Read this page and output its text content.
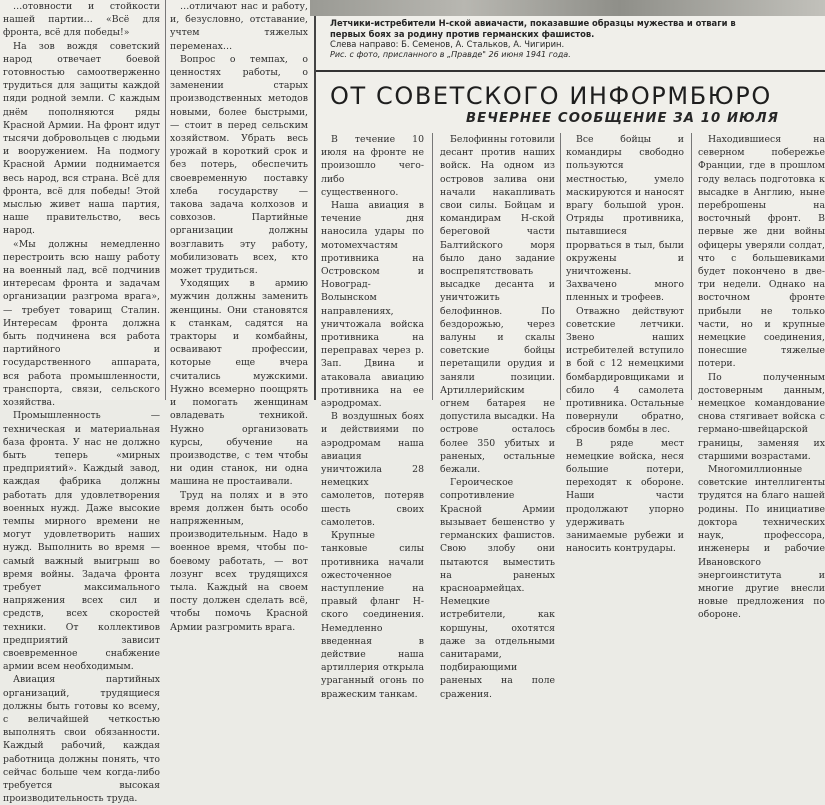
…отовности и стойкости нашей партии… «Всё для фронта, всё для победы!»

На зов вождя советский народ отвечает боевой готовностью самоотверженно трудиться для защиты каждой пяди родной земли. С каждым днём пополняются ряды Красной Армии. На фронт идут тысячи добровольцев с людьми и вооружением. На подмогу Красной Армии поднимается весь народ, вся страна. Всё для фронта, всё для победы! Этой мыслью живет наша партия, наше правительство, весь народ.

«Мы должны немедленно перестроить всю нашу работу на военный лад, всё подчинив интересам фронта и задачам организации разгрома врага», — требует товарищ Сталин. Интересам фронта должна быть подчинена вся работа партийного и государственного аппарата, вся работа промышленности, транспорта, связи, сельского хозяйства.

Промышленность — техническая и материальная база фронта. У нас не должно быть теперь «мирных предприятий». Каждый завод, каждая фабрика должны работать для удовлетворения военных нужд. Даже высокие темпы мирного времени не могут удовлетворить наших нужд. Выполнить во время — самый важный выигрыш во время войны. Задача фронта требует максимального напряжения всех сил и средств, всех скоростей техники. От коллективов предприятий зависит своевременное снабжение армии всем необходимым.

Авиация партийных организаций, трудящиеся должны быть готовы ко всему, с величайшей четкостью выполнять свои обязанности. Каждый рабочий, каждая работница должны понять, что сейчас больше чем когда-либо требуется высокая производительность труда.

…отличают нас и работу, и, безусловно, отставание, учтем тяжелых переменах…

Вопрос о темпах, о ценностях работы, о заменении старых производственных методов новыми, более быстрыми, — стоит в перед сельским хозяйством. Убрать весь урожай в короткий срок и без потерь, обеспечить своевременную поставку хлеба государству — такова задача колхозов и совхозов. Партийные организации должны возглавить эту работу, мобилизовать всех, кто может трудиться.

Уходящих в армию мужчин должны заменить женщины. Они становятся к станкам, садятся на тракторы и комбайны, осваивают профессии, которые еще вчера считались мужскими. Нужно всемерно поощрять и помогать женщинам овладевать техникой. Нужно организовать курсы, обучение на производстве, с тем чтобы ни один станок, ни одна машина не простаивали.

Труд на полях и в это время должен быть особо напряженным, производительным. Надо в военное время, чтобы по-боевому работать, — вот лозунг всех трудящихся тыла. Каждый на своем посту должен сделать всё, чтобы помочь Красной Армии разгромить врага.

Летчики-истребители Н-ской авиачасти, показавшие образцы мужества и отваги в первых боях за родину против германских фашистов.
Слева направо: Б. Семенов, А. Стальков, А. Чигирин.
Рис. с фото, присланного в „Правде" 26 июня 1941 года.
ОТ СОВЕТСКОГО ИНФОРМБЮРО
ВЕЧЕРНЕЕ СООБЩЕНИЕ ЗА 10 ИЮЛЯ

В течение 10 июля на фронте не произошло чего-либо существенного.

Наша авиация в течение дня наносила удары по мотомехчастям противника на Островском и Новоград-Волынском направлениях, уничтожала войска противника на переправах через р. Зап. Двина и атаковала авиацию противника на ее аэродромах.

В воздушных боях и действиями по аэродромам наша авиация уничтожила 28 немецких самолетов, потеряв шесть своих самолетов.

Крупные танковые силы противника начали ожесточенное наступление на правый фланг Н-ского соединения. Немедленно введенная в действие наша артиллерия открыла ураганный огонь по вражеским танкам.

Белофинны готовили десант против наших войск. На одном из островов залива они начали накапливать свои силы. Бойцам и командирам Н-ской береговой части Балтийского моря было дано задание воспрепятствовать высадке десанта и уничтожить белофиннов. По бездорожью, через валуны и скалы советские бойцы перетащили орудия и заняли позиции. Артиллерийским огнем батарея не допустила высадки. На острове осталось более 350 убитых и раненых, остальные бежали.

Героическое сопротивление Красной Армии вызывает бешенство у германских фашистов. Свою злобу они пытаются выместить на раненых красноармейцах. Немецкие истребители, как коршуны, охотятся даже за отдельными санитарами, подбирающими раненых на поле сражения.

Все бойцы и командиры свободно пользуются местностью, умело маскируются и наносят врагу большой урон. Отряды противника, пытавшиеся прорваться в тыл, были окружены и уничтожены. Захвачено много пленных и трофеев.

Отважно действуют советские летчики. Звено наших истребителей вступило в бой с 12 немецкими бомбардировщиками и сбило 4 самолета противника. Остальные повернули обратно, сбросив бомбы в лес.

В ряде мест немецкие войска, неся большие потери, переходят к обороне. Наши части продолжают упорно удерживать занимаемые рубежи и наносить контрудары.

Находившиеся на северном побережье Франции, где в прошлом году велась подготовка к высадке в Англию, ныне переброшены на восточный фронт. В первые же дни войны офицеры уверяли солдат, что с большевиками будет покончено в две-три недели. Однако на восточном фронте прибыли не только части, но и крупные немецкие соединения, понесшие тяжелые потери.

По полученным достоверным данным, немецкое командование снова стягивает войска с германо-швейцарской границы, заменяя их старшими возрастами.

Многомиллионные советские интеллигенты трудятся на благо нашей родины. По инициативе доктора технических наук, профессора, инженеры и рабочие Ивановского энергоинститута и многие другие внесли новые предложения по обороне.
